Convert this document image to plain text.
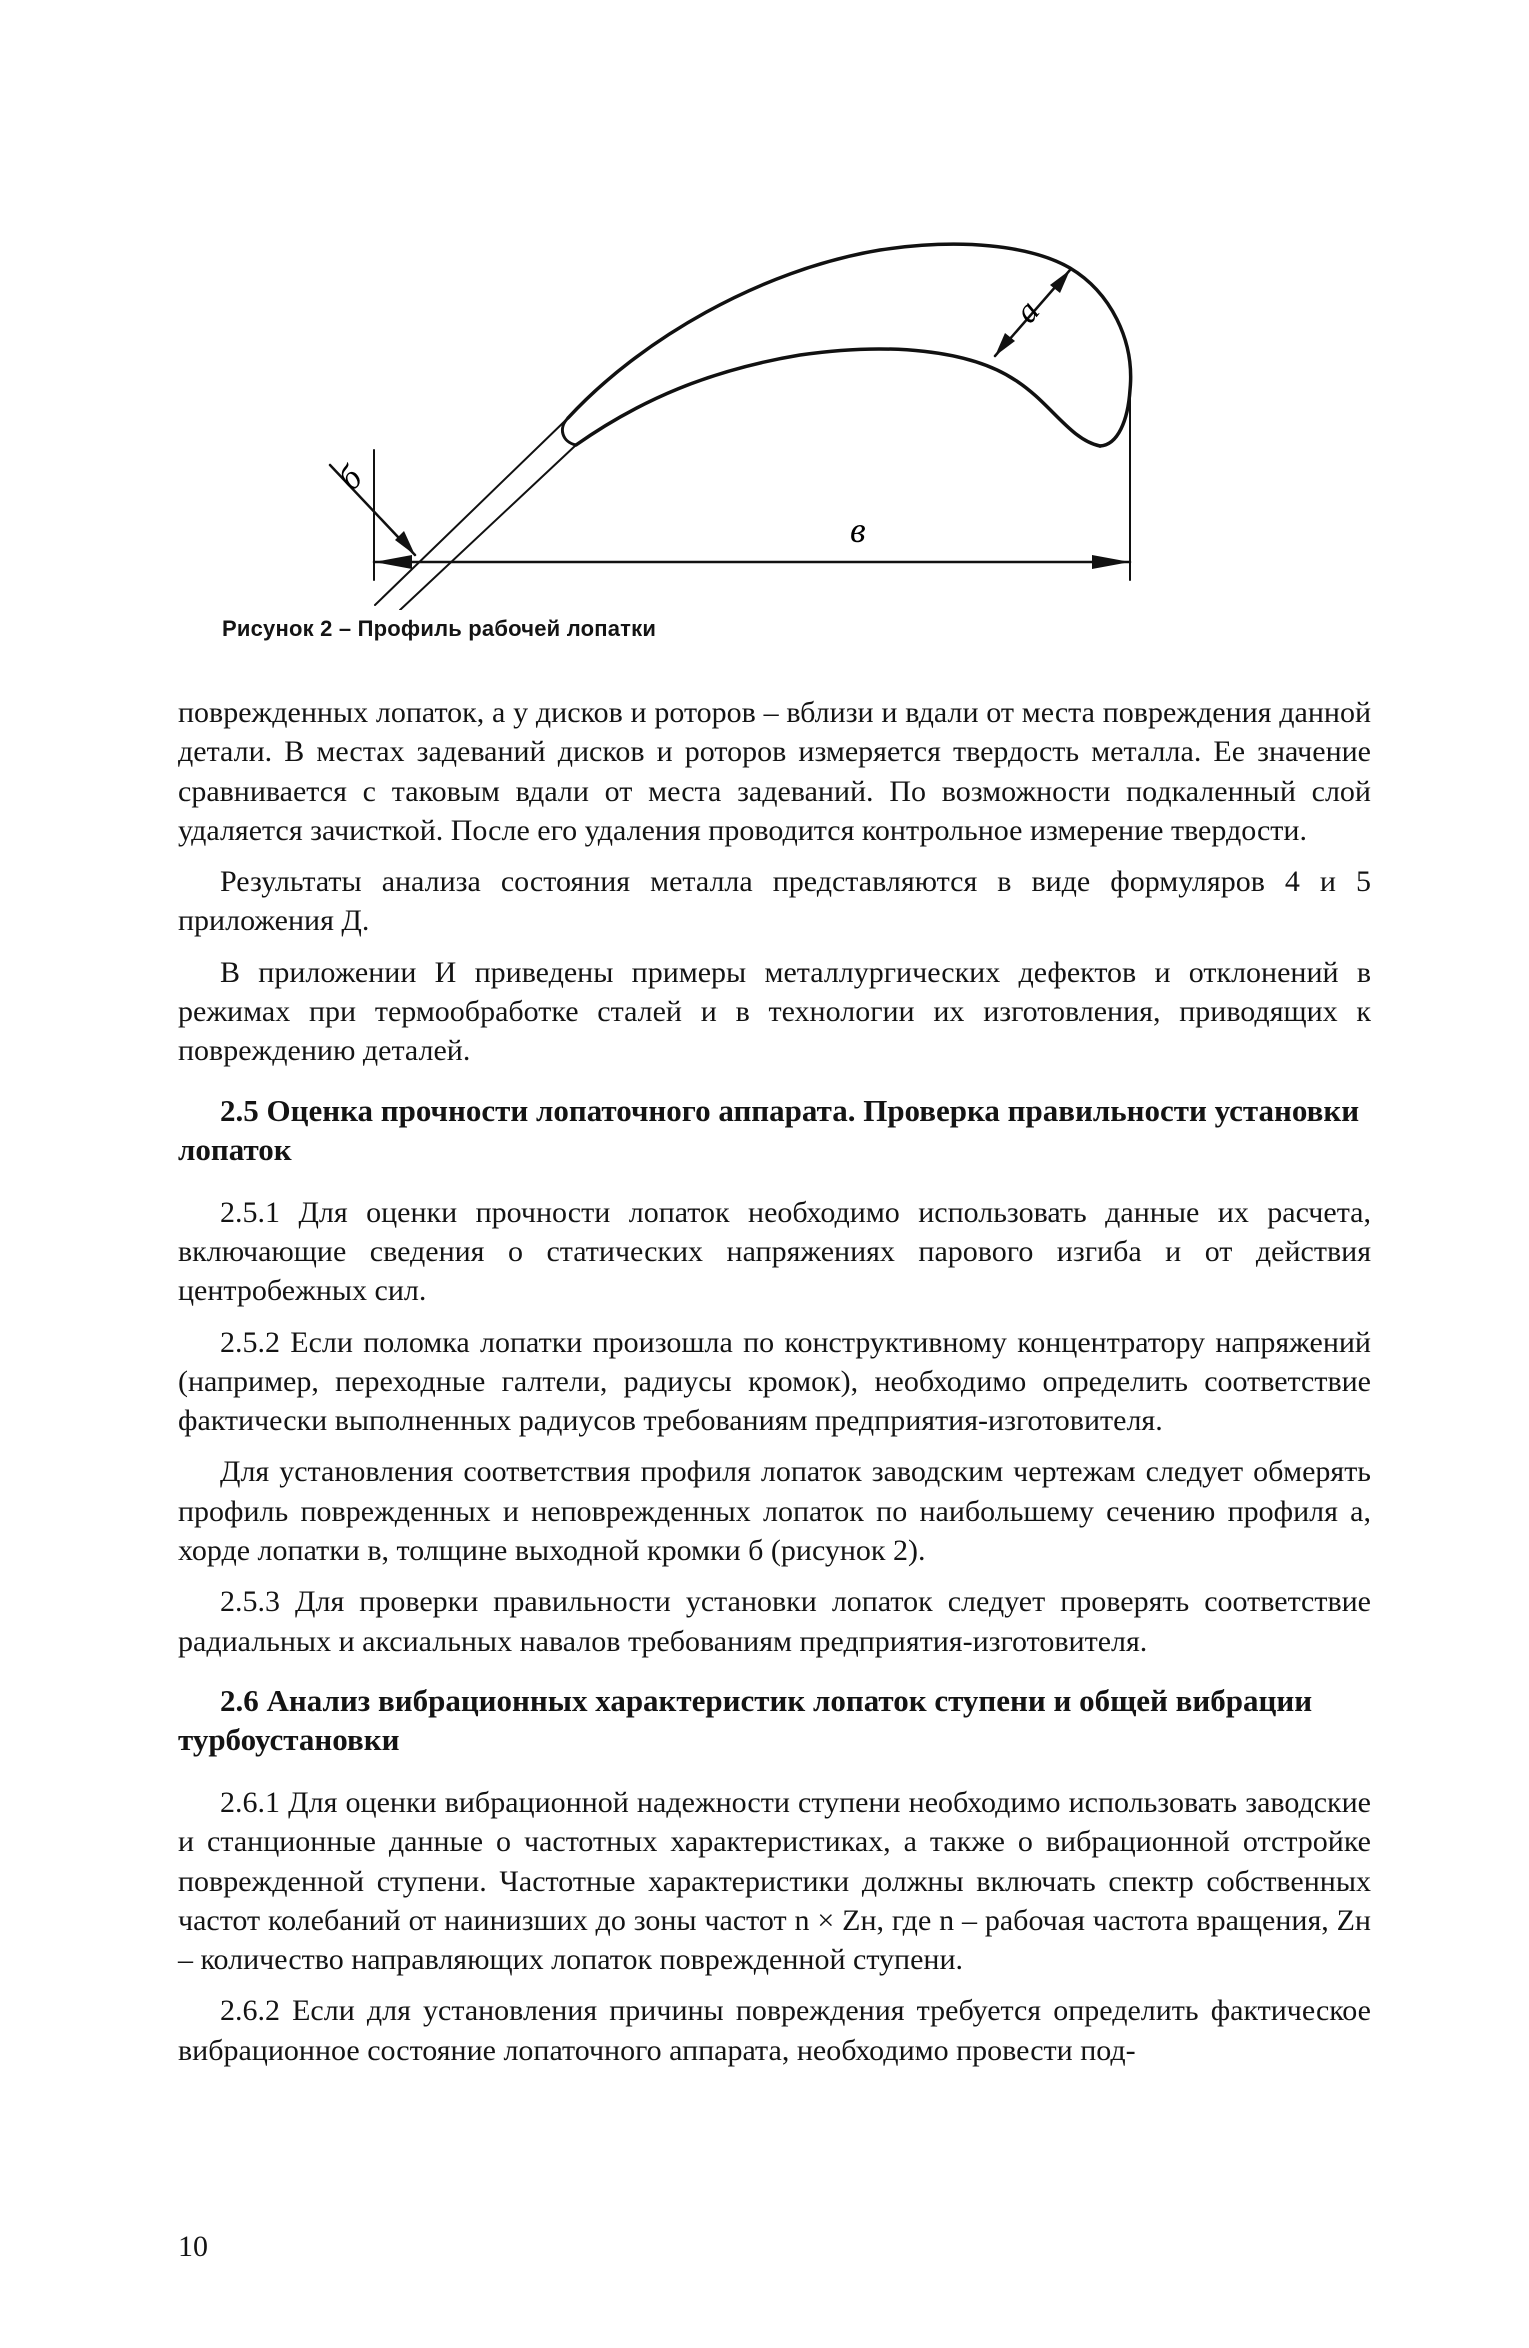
а
в
б
Рисунок 2 – Профиль рабочей лопатки

поврежденных лопаток, а у дисков и роторов – вблизи и вдали от места повреждения данной детали. В местах задеваний дисков и роторов измеряется твердость металла. Ее значение сравнивается с таковым вдали от места задеваний. По возможности подкаленный слой удаляется зачисткой. После его удаления проводится контрольное измерение твердости.

Результаты анализа состояния металла представляются в виде формуляров 4 и 5 приложения Д.

В приложении И приведены примеры металлургических дефектов и отклонений в режимах при термообработке сталей и в технологии их изготовления, приводящих к повреждению деталей.

2.5 Оценка прочности лопаточного аппарата. Проверка правильности установки лопаток

2.5.1 Для оценки прочности лопаток необходимо использовать данные их расчета, включающие сведения о статических напряжениях парового изгиба и от действия центробежных сил.

2.5.2 Если поломка лопатки произошла по конструктивному концентратору напряжений (например, переходные галтели, радиусы кромок), необходимо определить соответствие фактически выполненных радиусов требованиям предприятия-изготовителя.

Для установления соответствия профиля лопаток заводским чертежам следует обмерять профиль поврежденных и неповрежденных лопаток по наибольшему сечению профиля а, хорде лопатки в, толщине выходной кромки б (рисунок 2).

2.5.3 Для проверки правильности установки лопаток следует проверять соответствие радиальных и аксиальных навалов требованиям предприятия-изготовителя.

2.6 Анализ вибрационных характеристик лопаток ступени и общей вибрации турбоустановки

2.6.1 Для оценки вибрационной надежности ступени необходимо использовать заводские и станционные данные о частотных характеристиках, а также о вибрационной отстройке поврежденной ступени. Частотные характеристики должны включать спектр собственных частот колебаний от наинизших до зоны частот n × Zн, где n – рабочая частота вращения, Zн – количество направляющих лопаток поврежденной ступени.

2.6.2 Если для установления причины повреждения требуется определить фактическое вибрационное состояние лопаточного аппарата, необходимо провести под-

10
